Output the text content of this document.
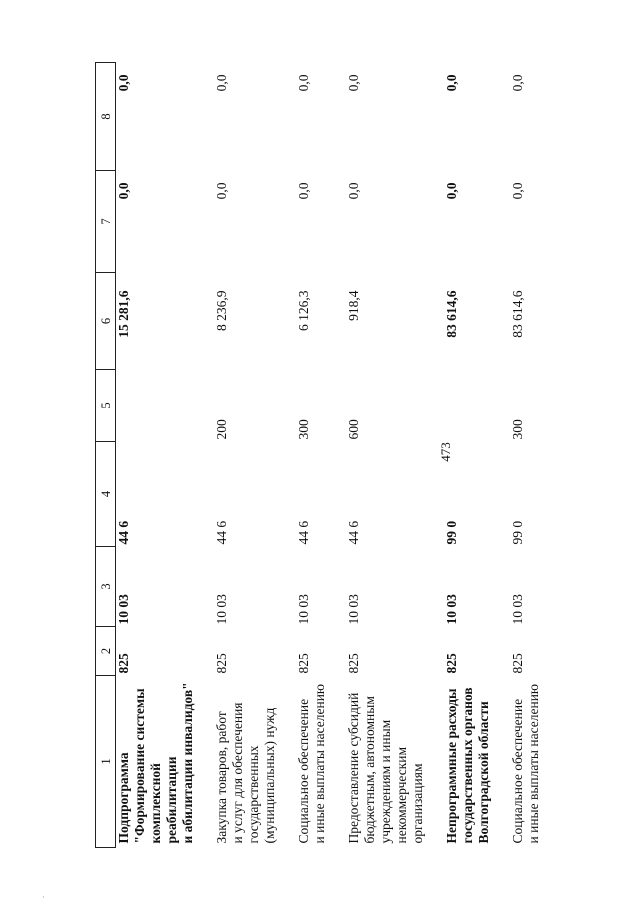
473
1	2	3	4	5	6	7	8

Подпрограмма "Формирование системы комплексной реабилитации и абилитации инвалидов"	825	10 03	44 6		15 281,6	0,0	0,0

Закупка товаров, работ и услуг для обеспечения государственных (муниципальных) нужд	825	10 03	44 6	200	8 236,9	0,0	0,0

Социальное обеспечение и иные выплаты населению	825	10 03	44 6	300	6 126,3	0,0	0,0

Предоставление субсидий бюджетным, автономным учреждениям и иным некоммерческим организациям	825	10 03	44 6	600	918,4	0,0	0,0

Непрограммные расходы государственных органов Волгоградской области	825	10 03	99 0		83 614,6	0,0	0,0

Социальное обеспечение и иные выплаты населению	825	10 03	99 0	300	83 614,6	0,0	0,0
·
